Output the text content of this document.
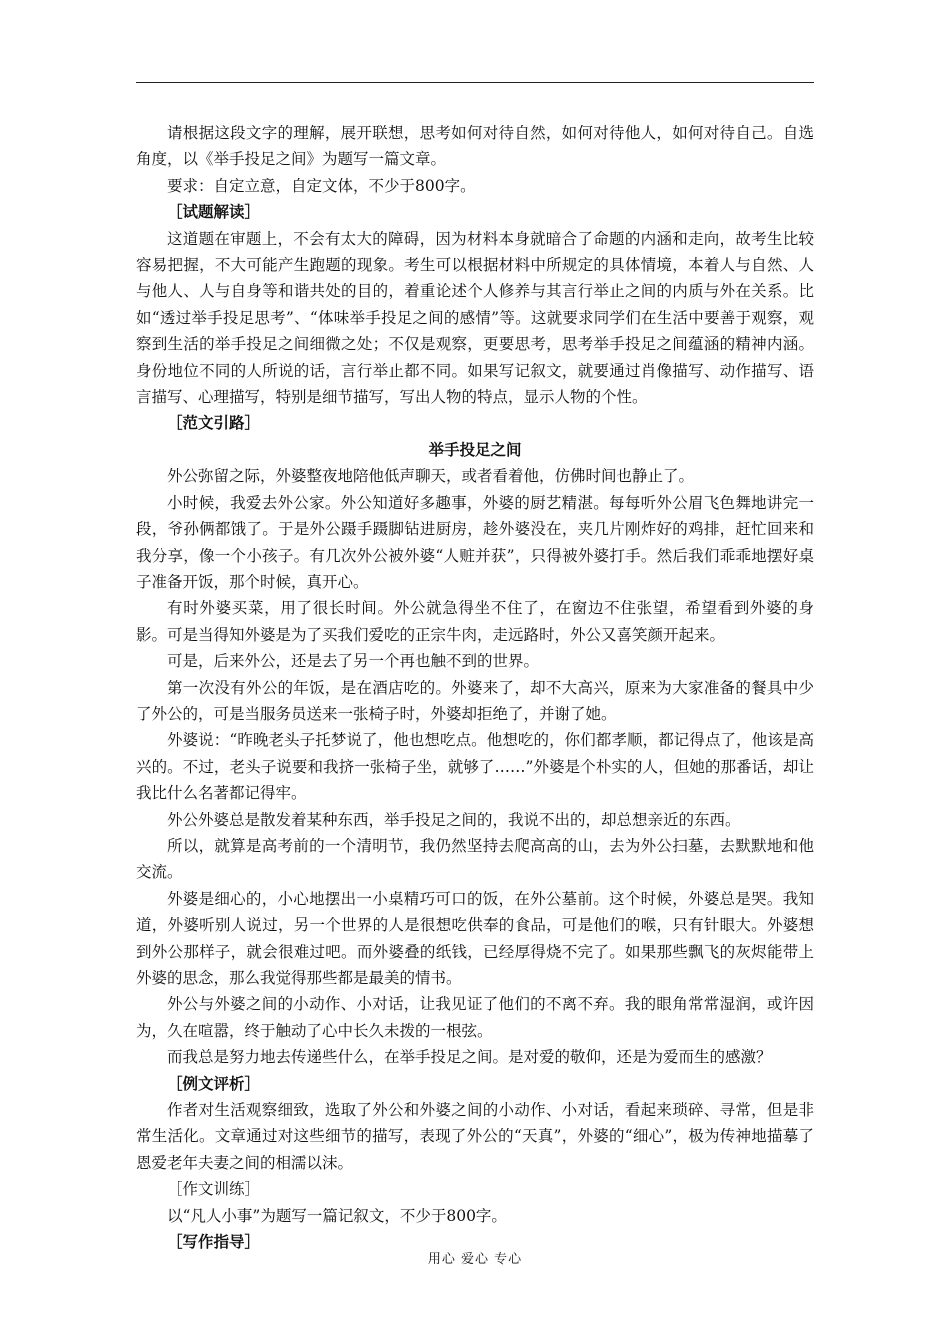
请根据这段文字的理解，展开联想，思考如何对待自然，如何对待他人，如何对待自己。自选角度，以《举手投足之间》为题写一篇文章。

要求：自定立意，自定文体，不少于800字。

［试题解读］

这道题在审题上，不会有太大的障碍，因为材料本身就暗合了命题的内涵和走向，故考生比较容易把握，不大可能产生跑题的现象。考生可以根据材料中所规定的具体情境，本着人与自然、人与他人、人与自身等和谐共处的目的，着重论述个人修养与其言行举止之间的内质与外在关系。比如“透过举手投足思考”、“体味举手投足之间的感情”等。这就要求同学们在生活中要善于观察，观察到生活的举手投足之间细微之处；不仅是观察，更要思考，思考举手投足之间蕴涵的精神内涵。身份地位不同的人所说的话，言行举止都不同。如果写记叙文，就要通过肖像描写、动作描写、语言描写、心理描写，特别是细节描写，写出人物的特点，显示人物的个性。

［范文引路］

举手投足之间

外公弥留之际，外婆整夜地陪他低声聊天，或者看着他，仿佛时间也静止了。

小时候，我爱去外公家。外公知道好多趣事，外婆的厨艺精湛。每每听外公眉飞色舞地讲完一段，爷孙俩都饿了。于是外公蹑手蹑脚钻进厨房，趁外婆没在，夹几片刚炸好的鸡排，赶忙回来和我分享，像一个小孩子。有几次外公被外婆“人赃并获”，只得被外婆打手。然后我们乖乖地摆好桌子准备开饭，那个时候，真开心。

有时外婆买菜，用了很长时间。外公就急得坐不住了，在窗边不住张望，希望看到外婆的身影。可是当得知外婆是为了买我们爱吃的正宗牛肉，走远路时，外公又喜笑颜开起来。

可是，后来外公，还是去了另一个再也触不到的世界。

第一次没有外公的年饭，是在酒店吃的。外婆来了，却不大高兴，原来为大家准备的餐具中少了外公的，可是当服务员送来一张椅子时，外婆却拒绝了，并谢了她。

外婆说：“昨晚老头子托梦说了，他也想吃点。他想吃的，你们都孝顺，都记得点了，他该是高兴的。不过，老头子说要和我挤一张椅子坐，就够了……”外婆是个朴实的人，但她的那番话，却让我比什么名著都记得牢。

外公外婆总是散发着某种东西，举手投足之间的，我说不出的，却总想亲近的东西。

所以，就算是高考前的一个清明节，我仍然坚持去爬高高的山，去为外公扫墓，去默默地和他交流。

外婆是细心的，小心地摆出一小桌精巧可口的饭，在外公墓前。这个时候，外婆总是哭。我知道，外婆听别人说过，另一个世界的人是很想吃供奉的食品，可是他们的喉，只有针眼大。外婆想到外公那样子，就会很难过吧。而外婆叠的纸钱，已经厚得烧不完了。如果那些飘飞的灰烬能带上外婆的思念，那么我觉得那些都是最美的情书。

外公与外婆之间的小动作、小对话，让我见证了他们的不离不弃。我的眼角常常湿润，或许因为，久在喧嚣，终于触动了心中长久未拨的一根弦。

而我总是努力地去传递些什么，在举手投足之间。是对爱的敬仰，还是为爱而生的感激？

［例文评析］

作者对生活观察细致，选取了外公和外婆之间的小动作、小对话，看起来琐碎、寻常，但是非常生活化。文章通过对这些细节的描写，表现了外公的“天真”，外婆的“细心”，极为传神地描摹了恩爱老年夫妻之间的相濡以沫。

［作文训练］

以“凡人小事”为题写一篇记叙文，不少于800字。

［写作指导］

用心 爱心 专心
